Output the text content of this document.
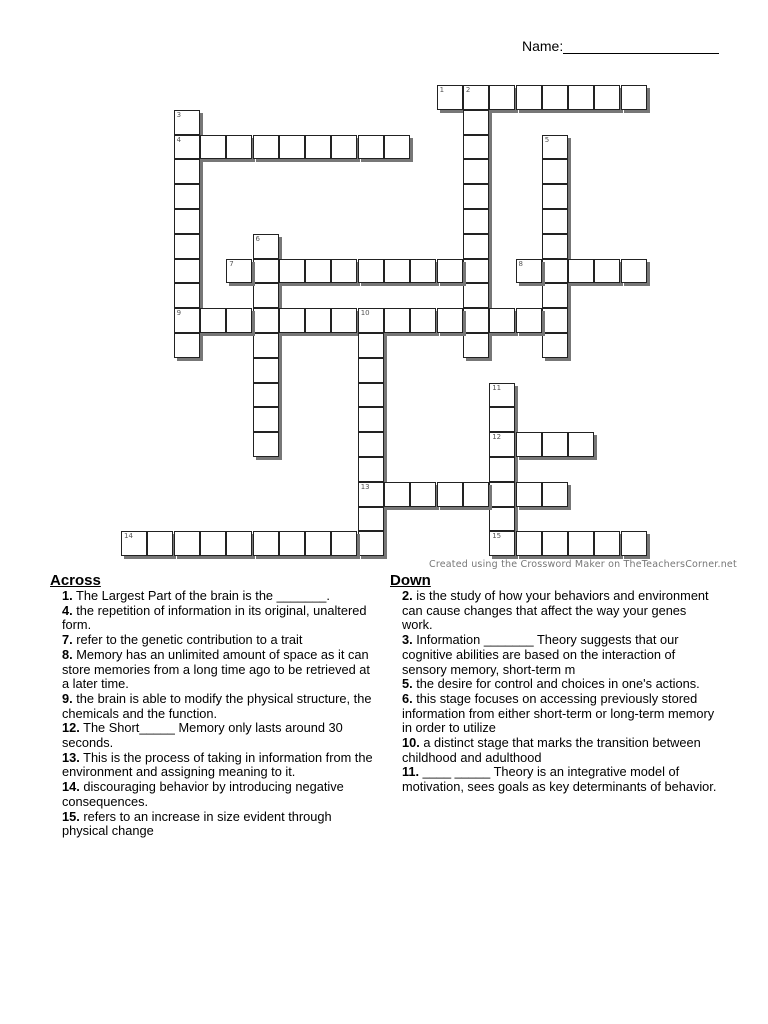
Name:
1	2
3
4
9
5
6
7	8
10
13
11
12
15
14
Created using the Crossword Maker on TheTeachersCorner.net
Across
1. The Largest Part of the brain is the _______.
4. the repetition of information in its original, unaltered form.
7. refer to the genetic contribution to a trait
8. Memory has an unlimited amount of space as it can store memories from a long time ago to be retrieved at a later time.
9. the brain is able to modify the physical structure, the chemicals and the function.
12. The Short_____ Memory only lasts around 30 seconds.
13. This is the process of taking in information from the environment and assigning meaning to it.
14. discouraging behavior by introducing negative consequences.
15. refers to an increase in size evident through physical change
Down
2. is the study of how your behaviors and environment can cause changes that affect the way your genes work.
3. Information _______ Theory suggests that our cognitive abilities are based on the interaction of sensory memory, short-term m
5. the desire for control and choices in one's actions.
6. this stage focuses on accessing previously stored information from either short-term or long-term memory in order to utilize
10. a distinct stage that marks the transition between childhood and adulthood
11. ____ _____ Theory is an integrative model of motivation, sees goals as key determinants of behavior.
